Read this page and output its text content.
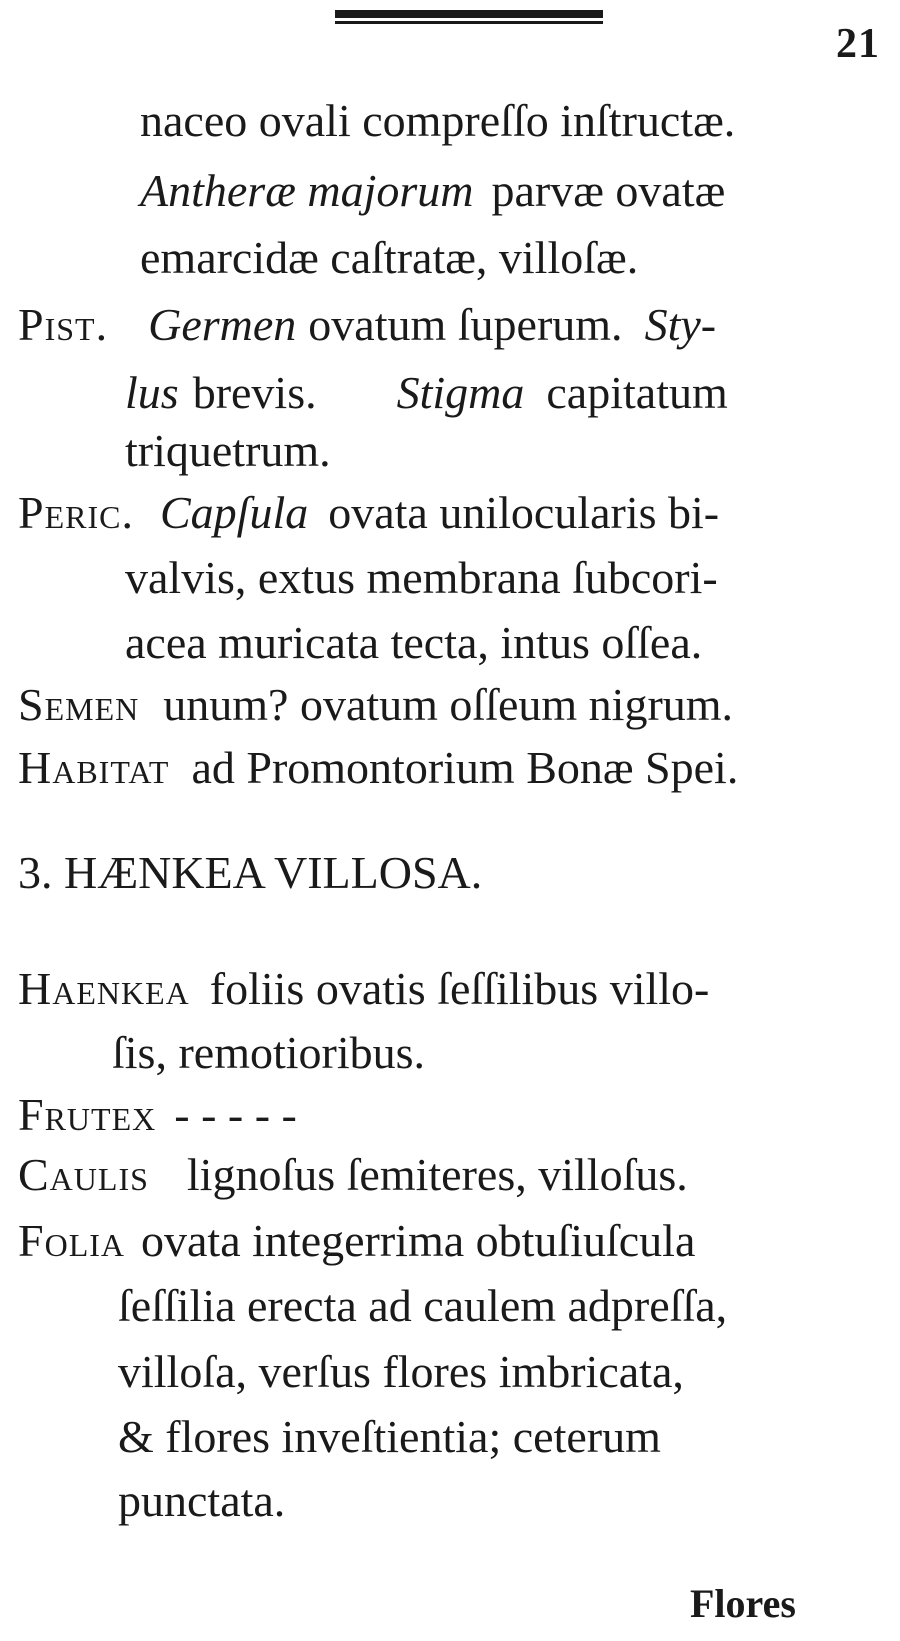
21
naceo ovali compreſſo inſtructæ.
Antheræ majorum parvæ ovatæ
emarcidæ caſtratæ, villoſæ.
Pist. Germen ovatum ſuperum. Sty-
lus brevis. Stigma capitatum
triquetrum.
Peric. Capſula ovata unilocularis bi-
valvis, extus membrana ſubcori-
acea muricata tecta, intus oſſea.
Semen unum? ovatum oſſeum nigrum.
Habitat ad Promontorium Bonæ Spei.
3. HÆNKEA VILLOSA.
Haenkea foliis ovatis ſeſſilibus villo-
ſis, remotioribus.
Frutex - - - - -
Caulis lignoſus ſemiteres, villoſus.
Folia ovata integerrima obtuſiuſcula
ſeſſilia erecta ad caulem adpreſſa,
villoſa, verſus flores imbricata,
& flores inveſtientia; ceterum
punctata.
Flores
